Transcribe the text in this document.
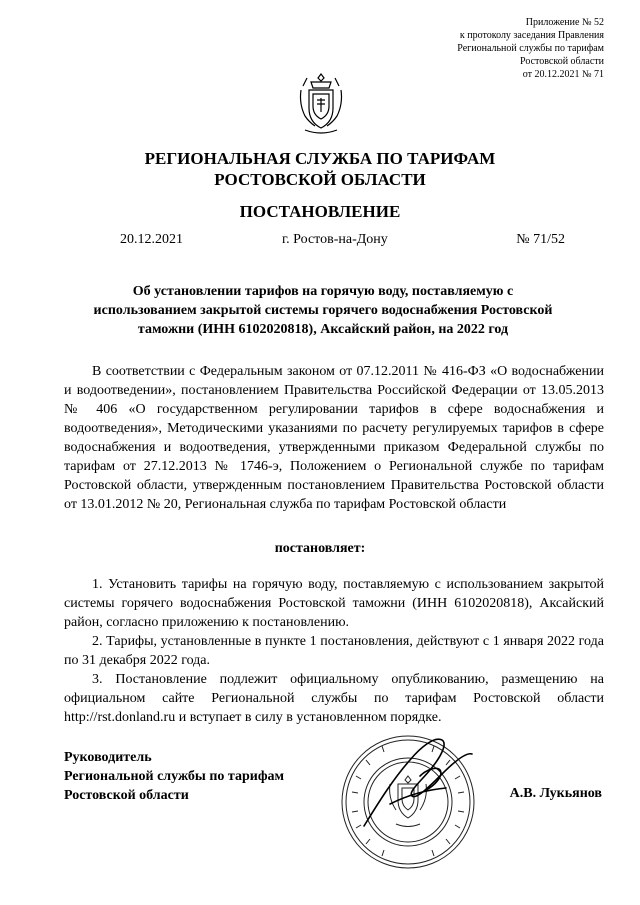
Приложение № 52
к протоколу заседания Правления
Региональной службы по тарифам
Ростовской области
от 20.12.2021 № 71
РЕГИОНАЛЬНАЯ СЛУЖБА ПО ТАРИФАМ
РОСТОВСКОЙ ОБЛАСТИ
ПОСТАНОВЛЕНИЕ
20.12.2021	г. Ростов-на-Дону	№ 71/52
Об установлении тарифов на горячую воду, поставляемую с
использованием закрытой системы горячего водоснабжения Ростовской
таможни (ИНН 6102020818), Аксайский район, на 2022 год

В соответствии с Федеральным законом от 07.12.2011 № 416-ФЗ «О водоснабжении и водоотведении», постановлением Правительства Российской Федерации от 13.05.2013 № 406 «О государственном регулировании тарифов в сфере водоснабжения и водоотведения», Методическими указаниями по расчету регулируемых тарифов в сфере водоснабжения и водоотведения, утвержденными приказом Федеральной службы по тарифам от 27.12.2013 № 1746-э, Положением о Региональной службе по тарифам Ростовской области, утвержденным постановлением Правительства Ростовской области от 13.01.2012 № 20, Региональная служба по тарифам Ростовской области

постановляет:

1. Установить тарифы на горячую воду, поставляемую с использованием закрытой системы горячего водоснабжения Ростовской таможни (ИНН 6102020818), Аксайский район, согласно приложению к постановлению.

2. Тарифы, установленные в пункте 1 постановления, действуют с 1 января 2022 года по 31 декабря 2022 года.

3. Постановление подлежит официальному опубликованию, размещению на официальном сайте Региональной службы по тарифам Ростовской области http://rst.donland.ru и вступает в силу в установленном порядке.

Руководитель
Региональной службы по тарифам
Ростовской области	А.В. Лукьянов
